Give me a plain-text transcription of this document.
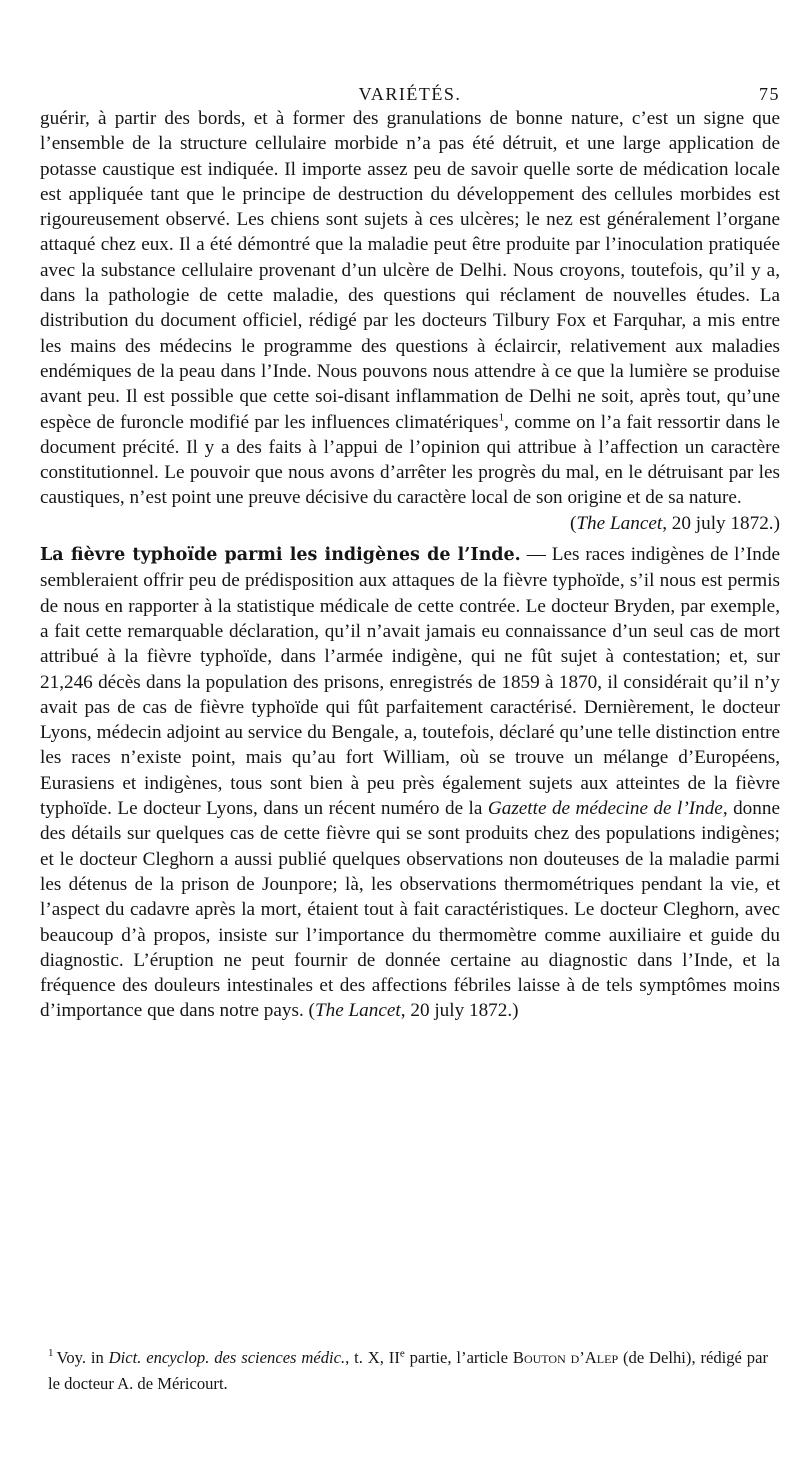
VARIÉTÉS.	75

guérir, à partir des bords, et à former des granulations de bonne nature, c’est un signe que l’ensemble de la structure cellulaire morbide n’a pas été détruit, et une large application de potasse caustique est indiquée. Il importe assez peu de savoir quelle sorte de médication locale est appliquée tant que le principe de destruction du développement des cellules morbides est rigoureusement observé. Les chiens sont sujets à ces ulcères; le nez est généralement l’organe attaqué chez eux. Il a été démontré que la maladie peut être produite par l’inoculation pratiquée avec la substance cellulaire provenant d’un ulcère de Delhi. Nous croyons, toutefois, qu’il y a, dans la pathologie de cette maladie, des questions qui réclament de nouvelles études. La distribution du document officiel, rédigé par les docteurs Tilbury Fox et Farquhar, a mis entre les mains des médecins le programme des questions à éclaircir, relativement aux maladies endémiques de la peau dans l’Inde. Nous pouvons nous attendre à ce que la lumière se produise avant peu. Il est possible que cette soi-disant inflammation de Delhi ne soit, après tout, qu’une espèce de furoncle modifié par les influences climatériques$^1$, comme on l’a fait ressortir dans le document précité. Il y a des faits à l’appui de l’opinion qui attribue à l’affection un caractère constitutionnel. Le pouvoir que nous avons d’arrêter les progrès du mal, en le détruisant par les caustiques, n’est point une preuve décisive du caractère local de son origine et de sa nature.

(The Lancet, 20 july 1872.)

La fièvre typhoïde parmi les indigènes de l’Inde. — Les races indigènes de l’Inde sembleraient offrir peu de prédisposition aux attaques de la fièvre typhoïde, s’il nous est permis de nous en rapporter à la statistique médicale de cette contrée. Le docteur Bryden, par exemple, a fait cette remarquable déclaration, qu’il n’avait jamais eu connaissance d’un seul cas de mort attribué à la fièvre typhoïde, dans l’armée indigène, qui ne fût sujet à contestation; et, sur 21,246 décès dans la population des prisons, enregistrés de 1859 à 1870, il considérait qu’il n’y avait pas de cas de fièvre typhoïde qui fût parfaitement caractérisé. Dernièrement, le docteur Lyons, médecin adjoint au service du Bengale, a, toutefois, déclaré qu’une telle distinction entre les races n’existe point, mais qu’au fort William, où se trouve un mélange d’Européens, Eurasiens et indigènes, tous sont bien à peu près également sujets aux atteintes de la fièvre typhoïde. Le docteur Lyons, dans un récent numéro de la Gazette de médecine de l’Inde, donne des détails sur quelques cas de cette fièvre qui se sont produits chez des populations indigènes; et le docteur Cleghorn a aussi publié quelques observations non douteuses de la maladie parmi les détenus de la prison de Jounpore; là, les observations thermométriques pendant la vie, et l’aspect du cadavre après la mort, étaient tout à fait caractéristiques. Le docteur Cleghorn, avec beaucoup d’à propos, insiste sur l’importance du thermomètre comme auxiliaire et guide du diagnostic. L’éruption ne peut fournir de donnée certaine au diagnostic dans l’Inde, et la fréquence des douleurs intestinales et des affections fébriles laisse à de tels symptômes moins d’importance que dans notre pays. (The Lancet, 20 july 1872.)

$^1$ Voy. in Dict. encyclop. des sciences médic., t. X, IIe partie, l’article Bouton d’Alep (de Delhi), rédigé par le docteur A. de Méricourt.
